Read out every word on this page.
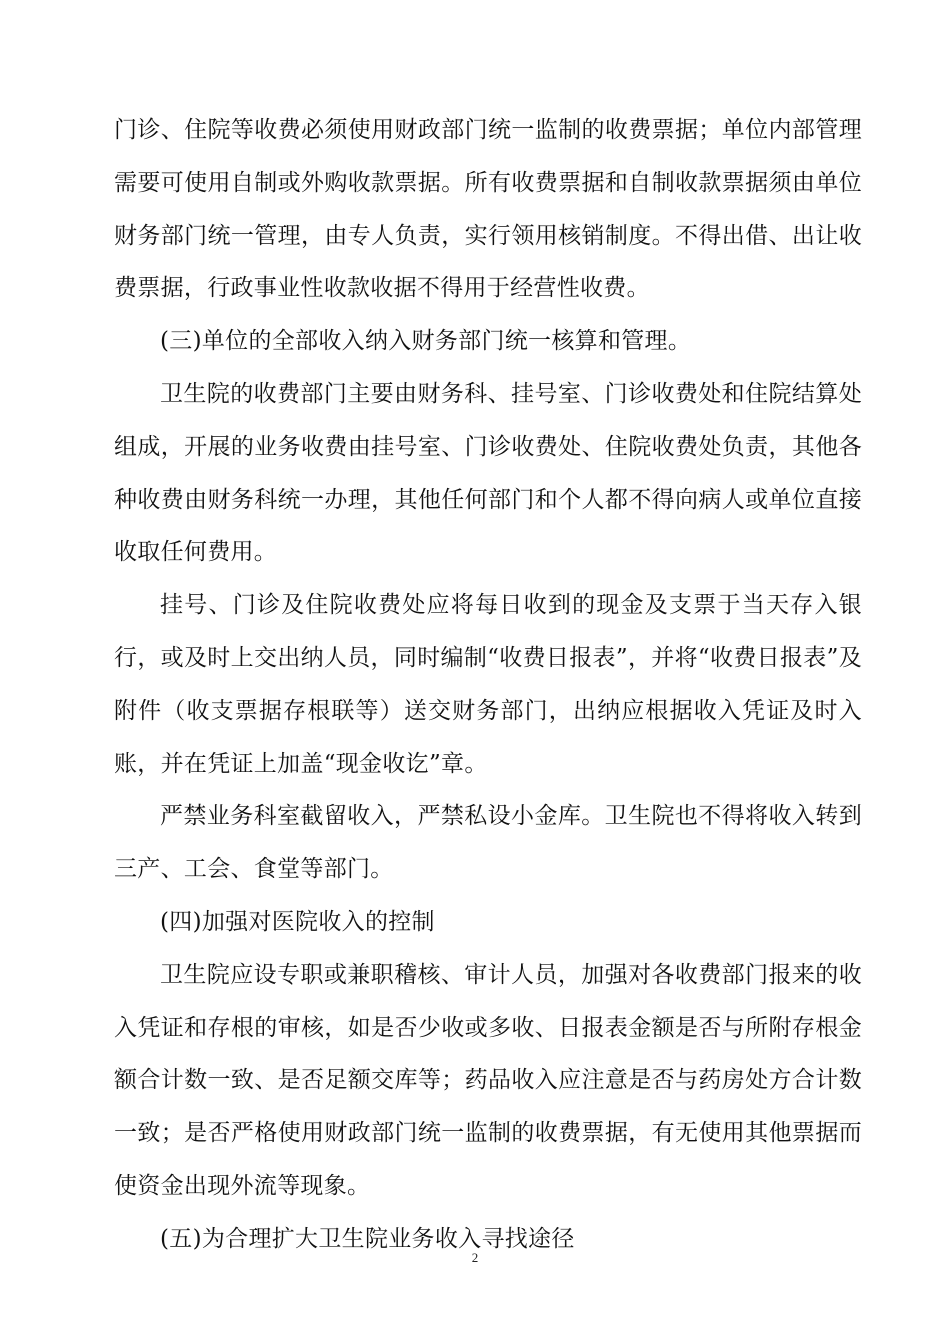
门诊、住院等收费必须使用财政部门统一监制的收费票据；单位内部管理需要可使用自制或外购收款票据。所有收费票据和自制收款票据须由单位财务部门统一管理，由专人负责，实行领用核销制度。不得出借、出让收费票据，行政事业性收款收据不得用于经营性收费。

(三)单位的全部收入纳入财务部门统一核算和管理。

卫生院的收费部门主要由财务科、挂号室、门诊收费处和住院结算处组成，开展的业务收费由挂号室、门诊收费处、住院收费处负责，其他各种收费由财务科统一办理，其他任何部门和个人都不得向病人或单位直接收取任何费用。

挂号、门诊及住院收费处应将每日收到的现金及支票于当天存入银行，或及时上交出纳人员，同时编制“收费日报表”，并将“收费日报表”及附件（收支票据存根联等）送交财务部门，出纳应根据收入凭证及时入账，并在凭证上加盖“现金收讫”章。

严禁业务科室截留收入，严禁私设小金库。卫生院也不得将收入转到三产、工会、食堂等部门。

(四)加强对医院收入的控制

卫生院应设专职或兼职稽核、审计人员，加强对各收费部门报来的收入凭证和存根的审核，如是否少收或多收、日报表金额是否与所附存根金额合计数一致、是否足额交库等；药品收入应注意是否与药房处方合计数一致；是否严格使用财政部门统一监制的收费票据，有无使用其他票据而使资金出现外流等现象。

(五)为合理扩大卫生院业务收入寻找途径

2
